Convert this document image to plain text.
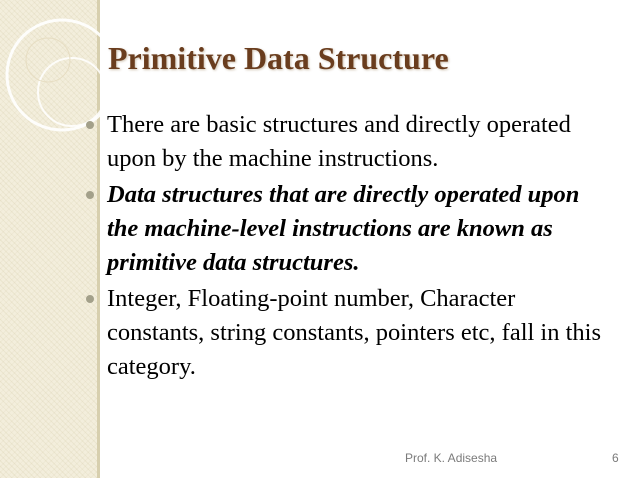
Primitive Data Structure
There are basic structures and directly operated upon by the machine instructions.
Data structures that are directly operated upon the machine-level instructions are known as primitive data structures.
Integer, Floating-point number, Character constants, string constants, pointers etc, fall in this category.
Prof. K. Adisesha	6
